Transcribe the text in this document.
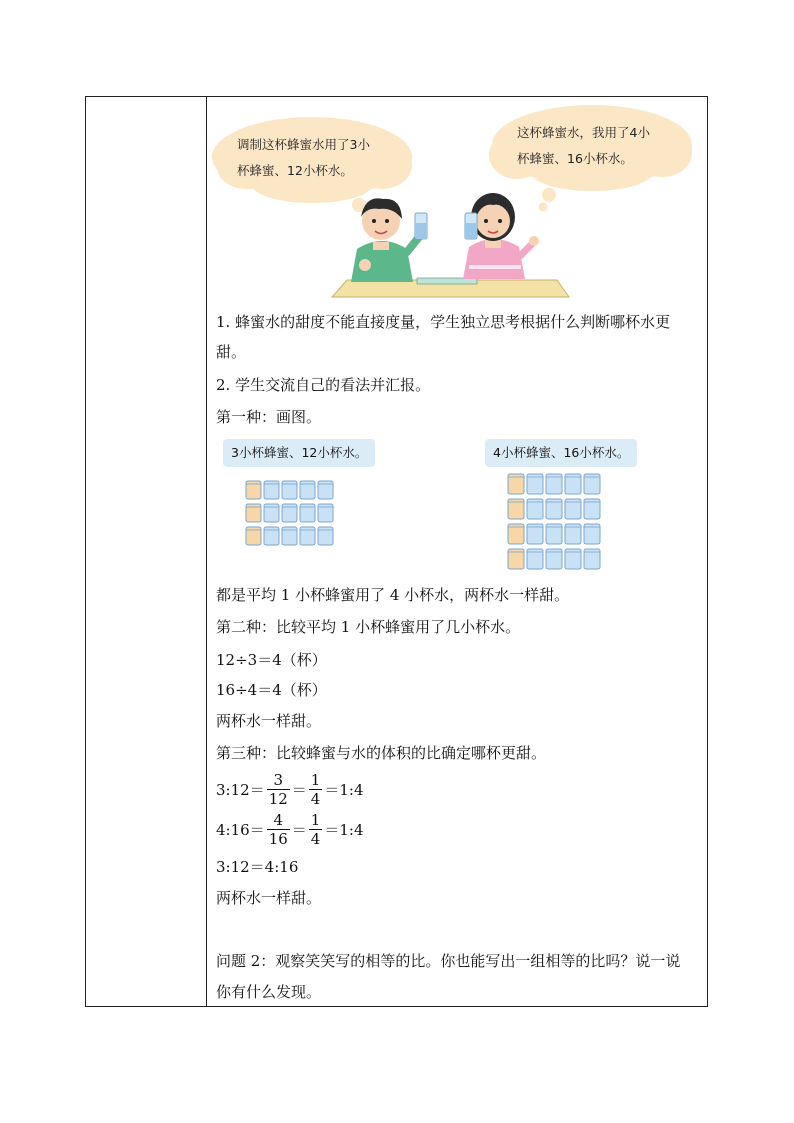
调制这杯蜂蜜水用了3小
杯蜂蜜、12小杯水。
这杯蜂蜜水，我用了4小
杯蜂蜜、16小杯水。
1. 蜂蜜水的甜度不能直接度量，学生独立思考根据什么判断哪杯水更
甜。
2. 学生交流自己的看法并汇报。
第一种：画图。
3小杯蜂蜜、12小杯水。	4小杯蜂蜜、16小杯水。
都是平均 1 小杯蜂蜜用了 4 小杯水，两杯水一样甜。
第二种：比较平均 1 小杯蜂蜜用了几小杯水。
12÷3＝4（杯）
16÷4＝4（杯）
两杯水一样甜。
第三种：比较蜂蜜与水的体积的比确定哪杯更甜。
3:12＝ $\frac{3}{12} = \frac{1}{4}$ ＝1:4
4:16＝ $\frac{4}{16} = \frac{1}{4}$ ＝1:4
3:12＝4:16
两杯水一样甜。
问题 2：观察笑笑写的相等的比。你也能写出一组相等的比吗？说一说
你有什么发现。
